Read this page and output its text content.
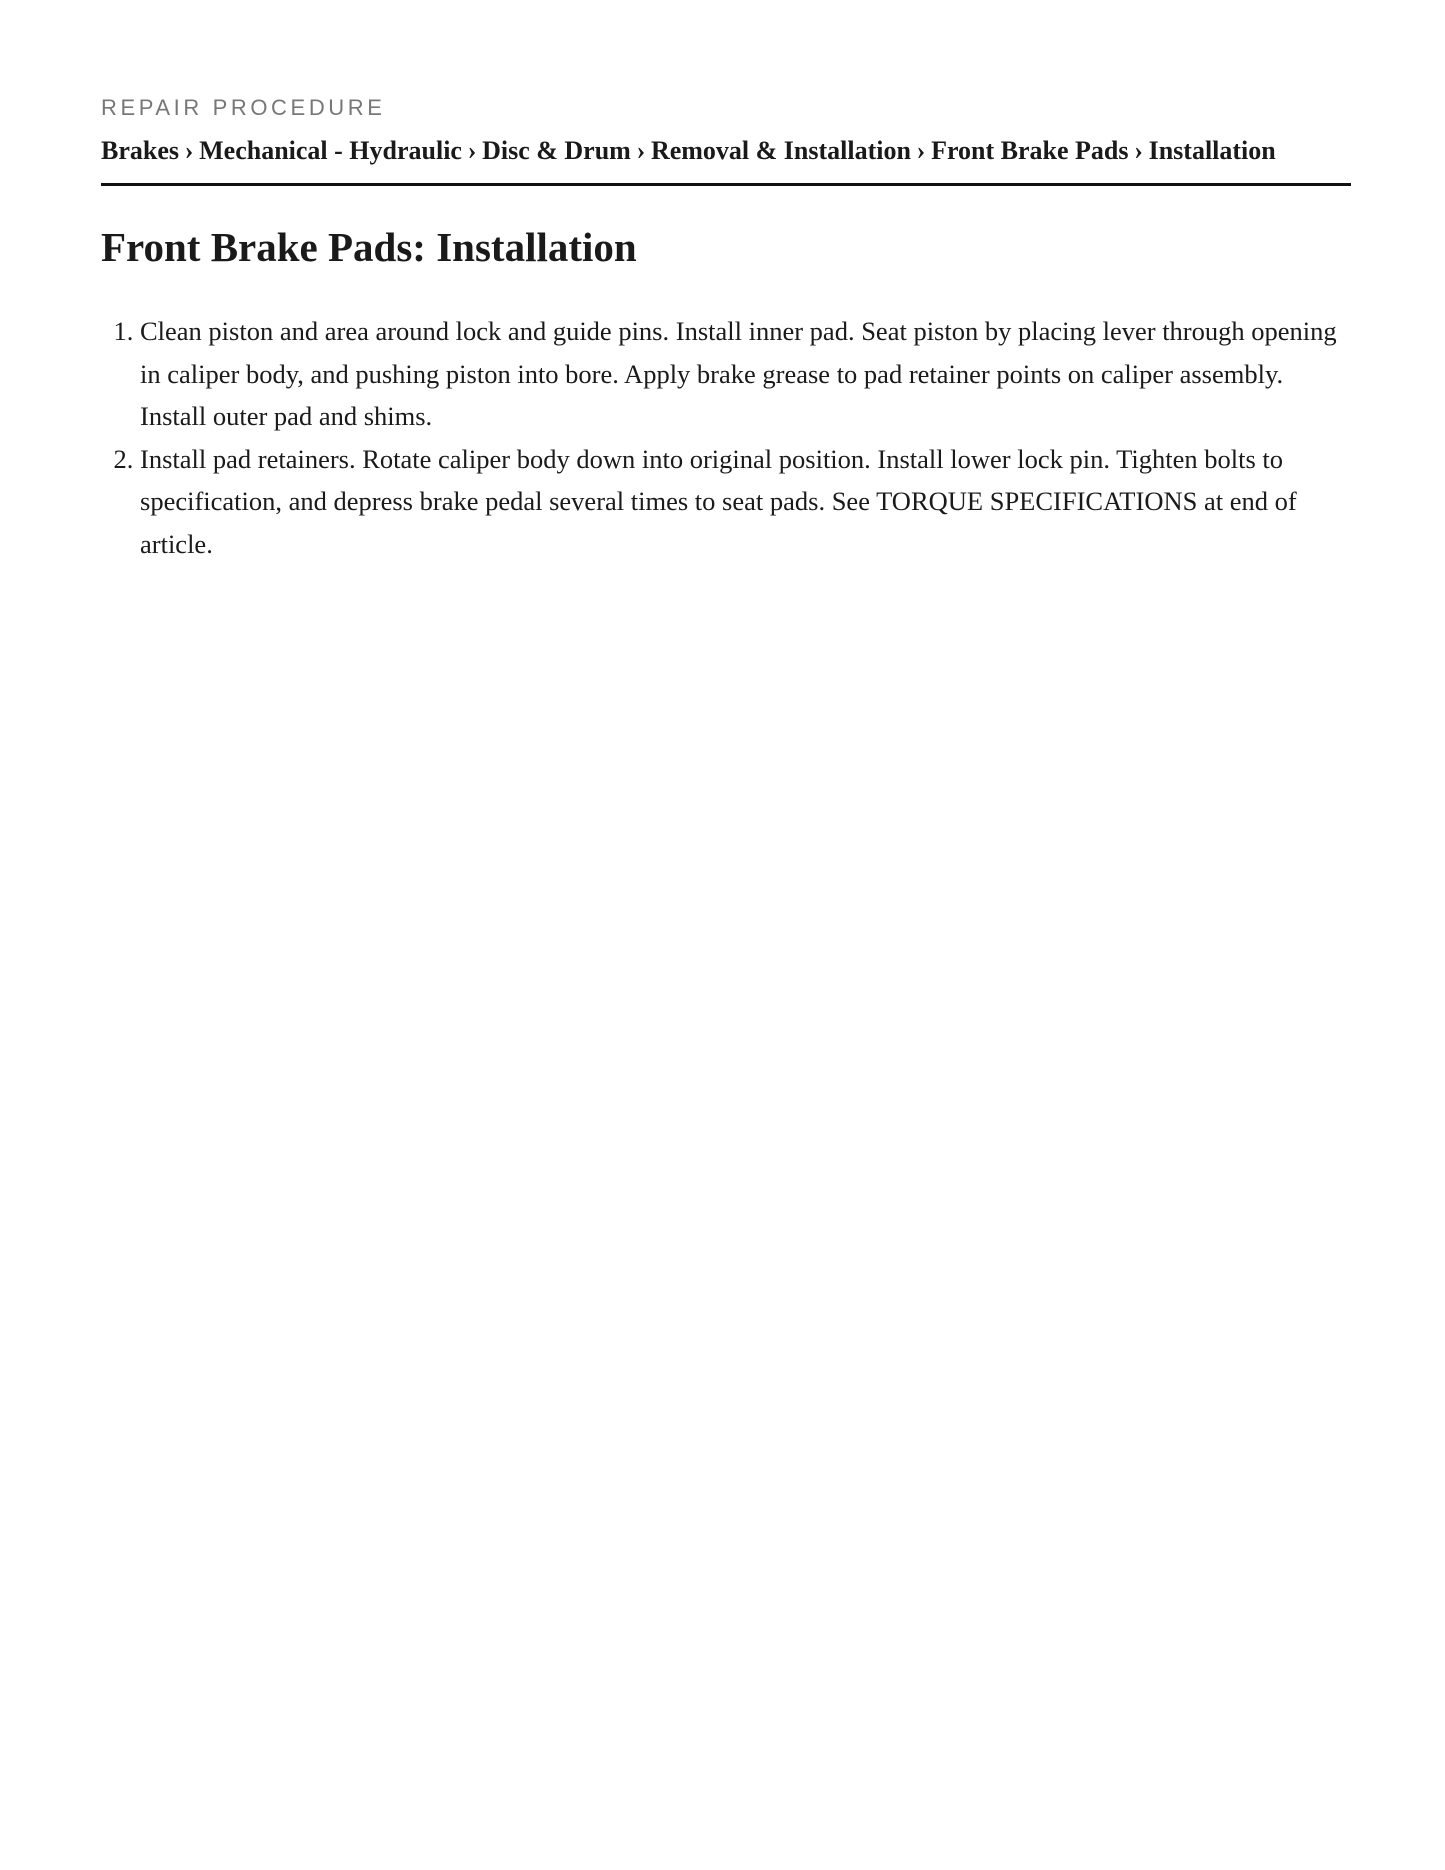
REPAIR PROCEDURE

Brakes › Mechanical - Hydraulic › Disc & Drum › Removal & Installation › Front Brake Pads › Installation
Front Brake Pads: Installation
1. Clean piston and area around lock and guide pins. Install inner pad. Seat piston by placing lever through opening in caliper body, and pushing piston into bore. Apply brake grease to pad retainer points on caliper assembly. Install outer pad and shims.
2. Install pad retainers. Rotate caliper body down into original position. Install lower lock pin. Tighten bolts to specification, and depress brake pedal several times to seat pads. See TORQUE SPECIFICATIONS at end of article.
